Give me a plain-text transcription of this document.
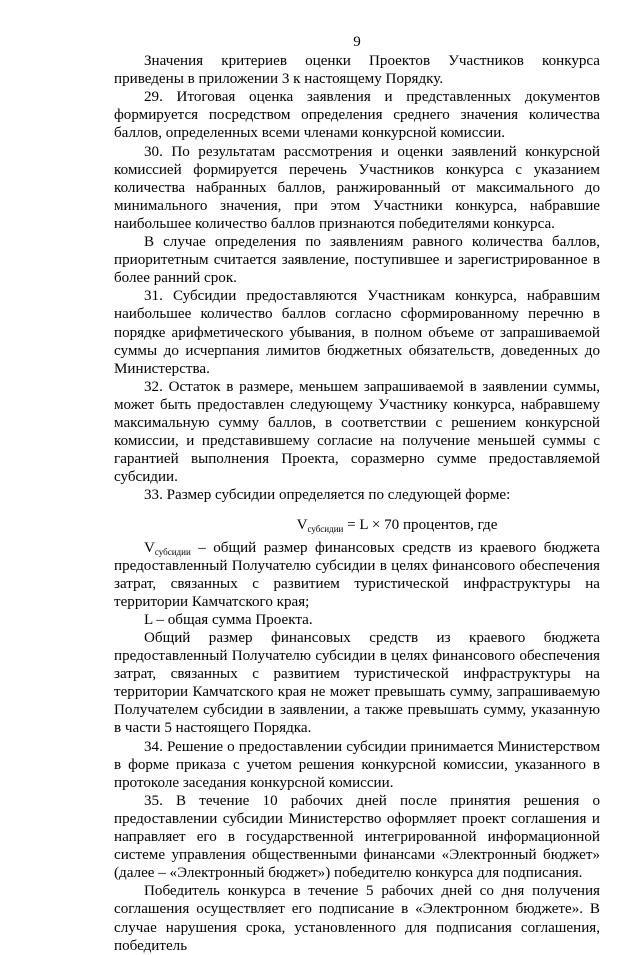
9

Значения критериев оценки Проектов Участников конкурса приведены в приложении 3 к настоящему Порядку.

29. Итоговая оценка заявления и представленных документов формируется посредством определения среднего значения количества баллов, определенных всеми членами конкурсной комиссии.

30. По результатам рассмотрения и оценки заявлений конкурсной комиссией формируется перечень Участников конкурса с указанием количества набранных баллов, ранжированный от максимального до минимального значения, при этом Участники конкурса, набравшие наибольшее количество баллов признаются победителями конкурса.

В случае определения по заявлениям равного количества баллов, приоритетным считается заявление, поступившее и зарегистрированное в более ранний срок.

31. Субсидии предоставляются Участникам конкурса, набравшим наибольшее количество баллов согласно сформированному перечню в порядке арифметического убывания, в полном объеме от запрашиваемой суммы до исчерпания лимитов бюджетных обязательств, доведенных до Министерства.

32. Остаток в размере, меньшем запрашиваемой в заявлении суммы, может быть предоставлен следующему Участнику конкурса, набравшему максимальную сумму баллов, в соответствии с решением конкурсной комиссии, и представившему согласие на получение меньшей суммы с гарантией выполнения Проекта, соразмерно сумме предоставляемой субсидии.

33. Размер субсидии определяется по следующей форме:

$V_{субсидии} = L \times 70$ процентов, где

$V_{субсидии}$ – общий размер финансовых средств из краевого бюджета предоставленный Получателю субсидии в целях финансового обеспечения затрат, связанных с развитием туристической инфраструктуры на территории Камчатского края;

L – общая сумма Проекта.

Общий размер финансовых средств из краевого бюджета предоставленный Получателю субсидии в целях финансового обеспечения затрат, связанных с развитием туристической инфраструктуры на территории Камчатского края не может превышать сумму, запрашиваемую Получателем субсидии в заявлении, а также превышать сумму, указанную в части 5 настоящего Порядка.

34. Решение о предоставлении субсидии принимается Министерством в форме приказа с учетом решения конкурсной комиссии, указанного в протоколе заседания конкурсной комиссии.

35. В течение 10 рабочих дней после принятия решения о предоставлении субсидии Министерство оформляет проект соглашения и направляет его в государственной интегрированной информационной системе управления общественными финансами «Электронный бюджет» (далее – «Электронный бюджет») победителю конкурса для подписания.

Победитель конкурса в течение 5 рабочих дней со дня получения соглашения осуществляет его подписание в «Электронном бюджете». В случае нарушения срока, установленного для подписания соглашения, победитель
